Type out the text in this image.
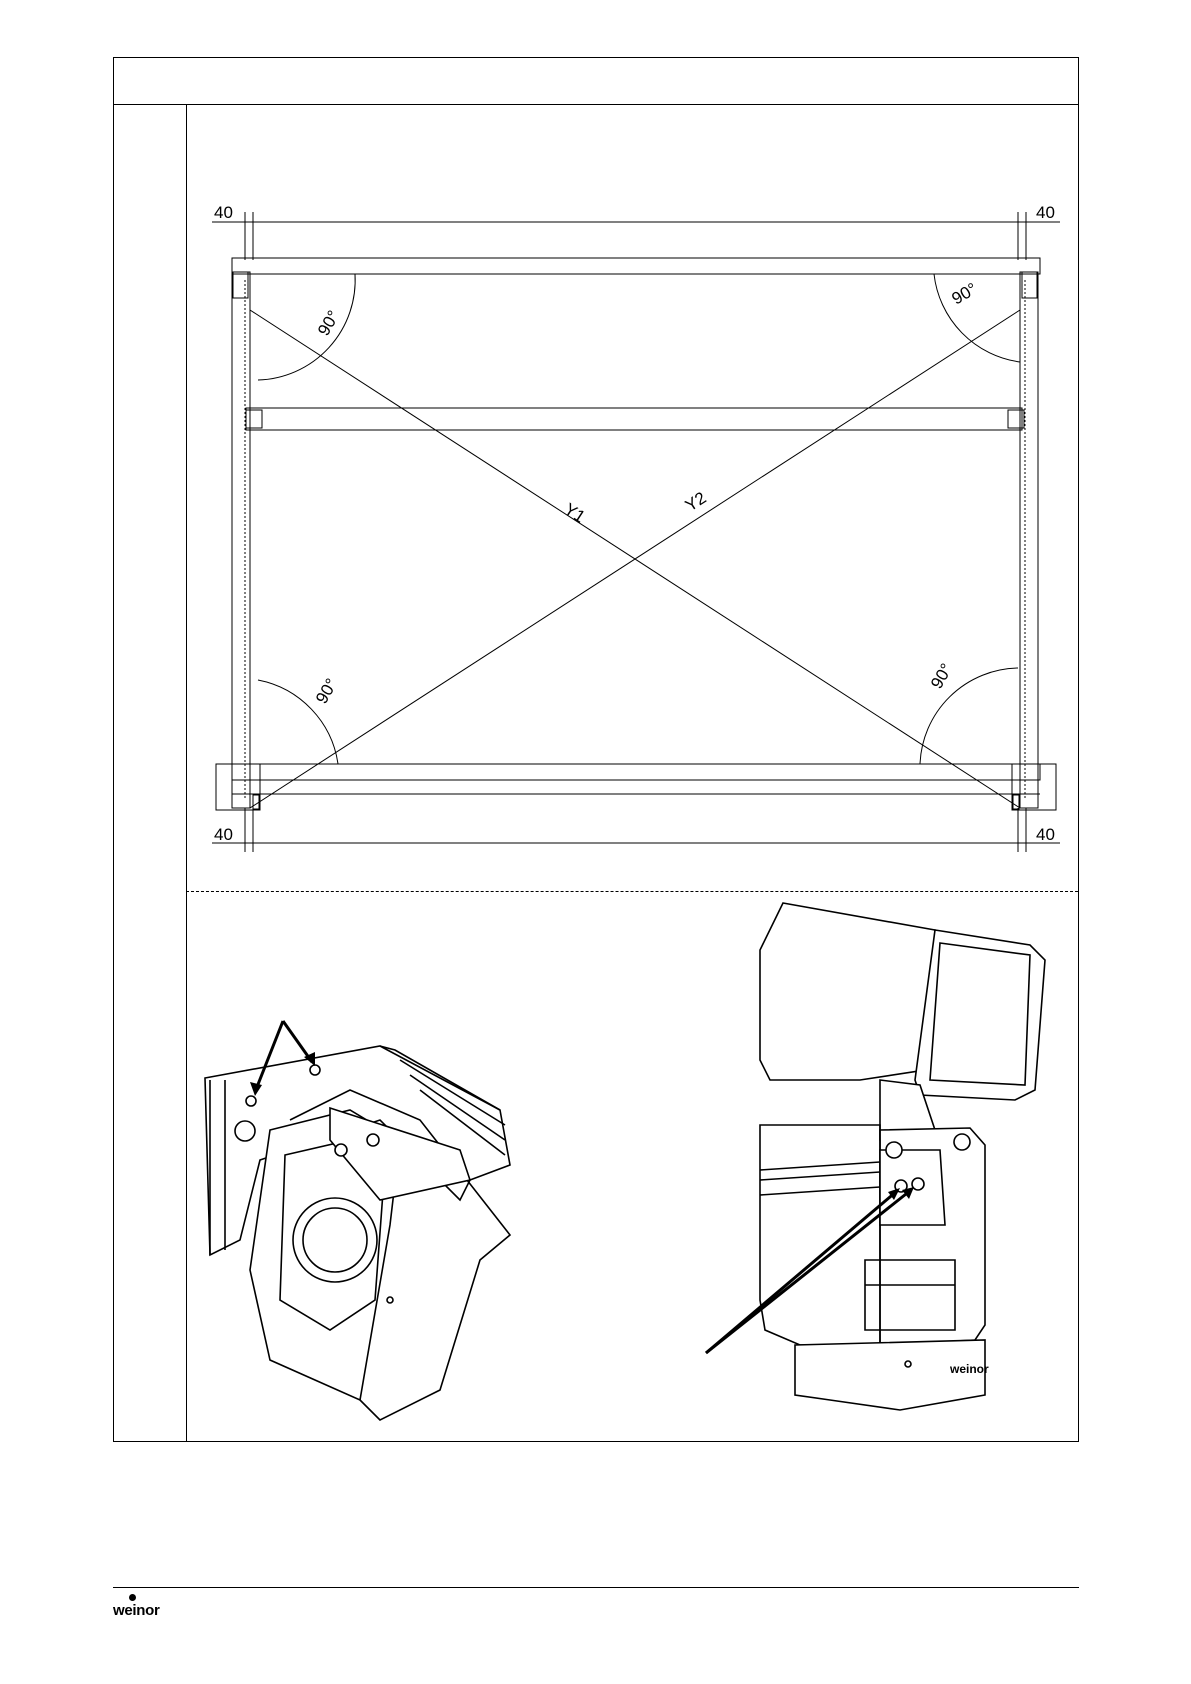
40	40
40	40
90°
90°
90°	90°
Y1	Y2
weinor
weinor
